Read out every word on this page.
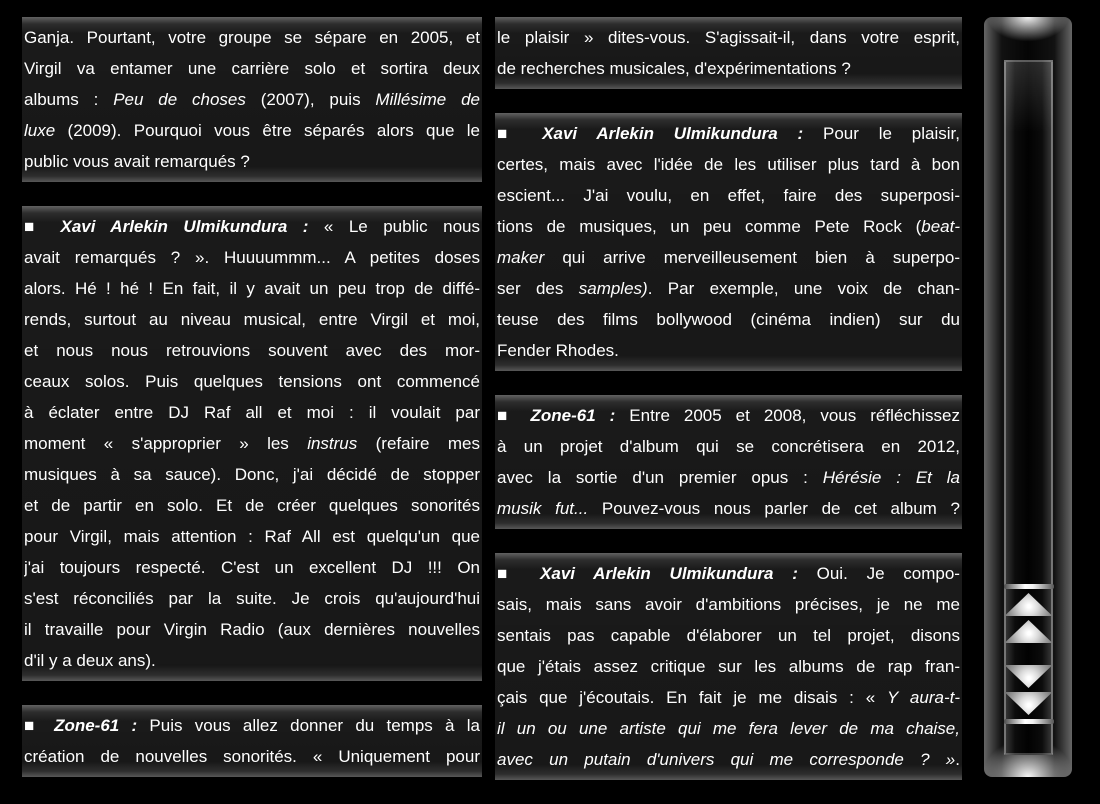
Ganja. Pourtant, votre groupe se sépare en 2005, et
Virgil va entamer une carrière solo et sortira deux
albums : Peu de choses (2007), puis Millésime de
luxe (2009). Pourquoi vous être séparés alors que le
public vous avait remarqués ?
■ Xavi Arlekin Ulmikundura : « Le public nous
avait remarqués ? ». Huuuummm... A petites doses
alors. Hé ! hé ! En fait, il y avait un peu trop de diffé-
rends, surtout au niveau musical, entre Virgil et moi,
et nous nous retrouvions souvent avec des mor-
ceaux solos. Puis quelques tensions ont commencé
à éclater entre DJ Raf all et moi : il voulait par
moment « s'approprier » les instrus (refaire mes
musiques à sa sauce). Donc, j'ai décidé de stopper
et de partir en solo. Et de créer quelques sonorités
pour Virgil, mais attention : Raf All est quelqu'un que
j'ai toujours respecté. C'est un excellent DJ !!! On
s'est réconciliés par la suite. Je crois qu'aujourd'hui
il travaille pour Virgin Radio (aux dernières nouvelles
d'il y a deux ans).
■ Zone-61 : Puis vous allez donner du temps à la
création de nouvelles sonorités. « Uniquement pour
le plaisir » dites-vous. S'agissait-il, dans votre esprit,
de recherches musicales, d'expérimentations ?
■ Xavi Arlekin Ulmikundura : Pour le plaisir,
certes, mais avec l'idée de les utiliser plus tard à bon
escient... J'ai voulu, en effet, faire des superposi-
tions de musiques, un peu comme Pete Rock (beat-
maker qui arrive merveilleusement bien à superpo-
ser des samples). Par exemple, une voix de chan-
teuse des films bollywood (cinéma indien) sur du
Fender Rhodes.
■ Zone-61 : Entre 2005 et 2008, vous réfléchissez
à un projet d'album qui se concrétisera en 2012,
avec la sortie d'un premier opus : Hérésie : Et la
musik fut... Pouvez-vous nous parler de cet album ?
■ Xavi Arlekin Ulmikundura : Oui. Je compo-
sais, mais sans avoir d'ambitions précises, je ne me
sentais pas capable d'élaborer un tel projet, disons
que j'étais assez critique sur les albums de rap fran-
çais que j'écoutais. En fait je me disais : « Y aura-t-
il un ou une artiste qui me fera lever de ma chaise,
avec un putain d'univers qui me corresponde ? ».
